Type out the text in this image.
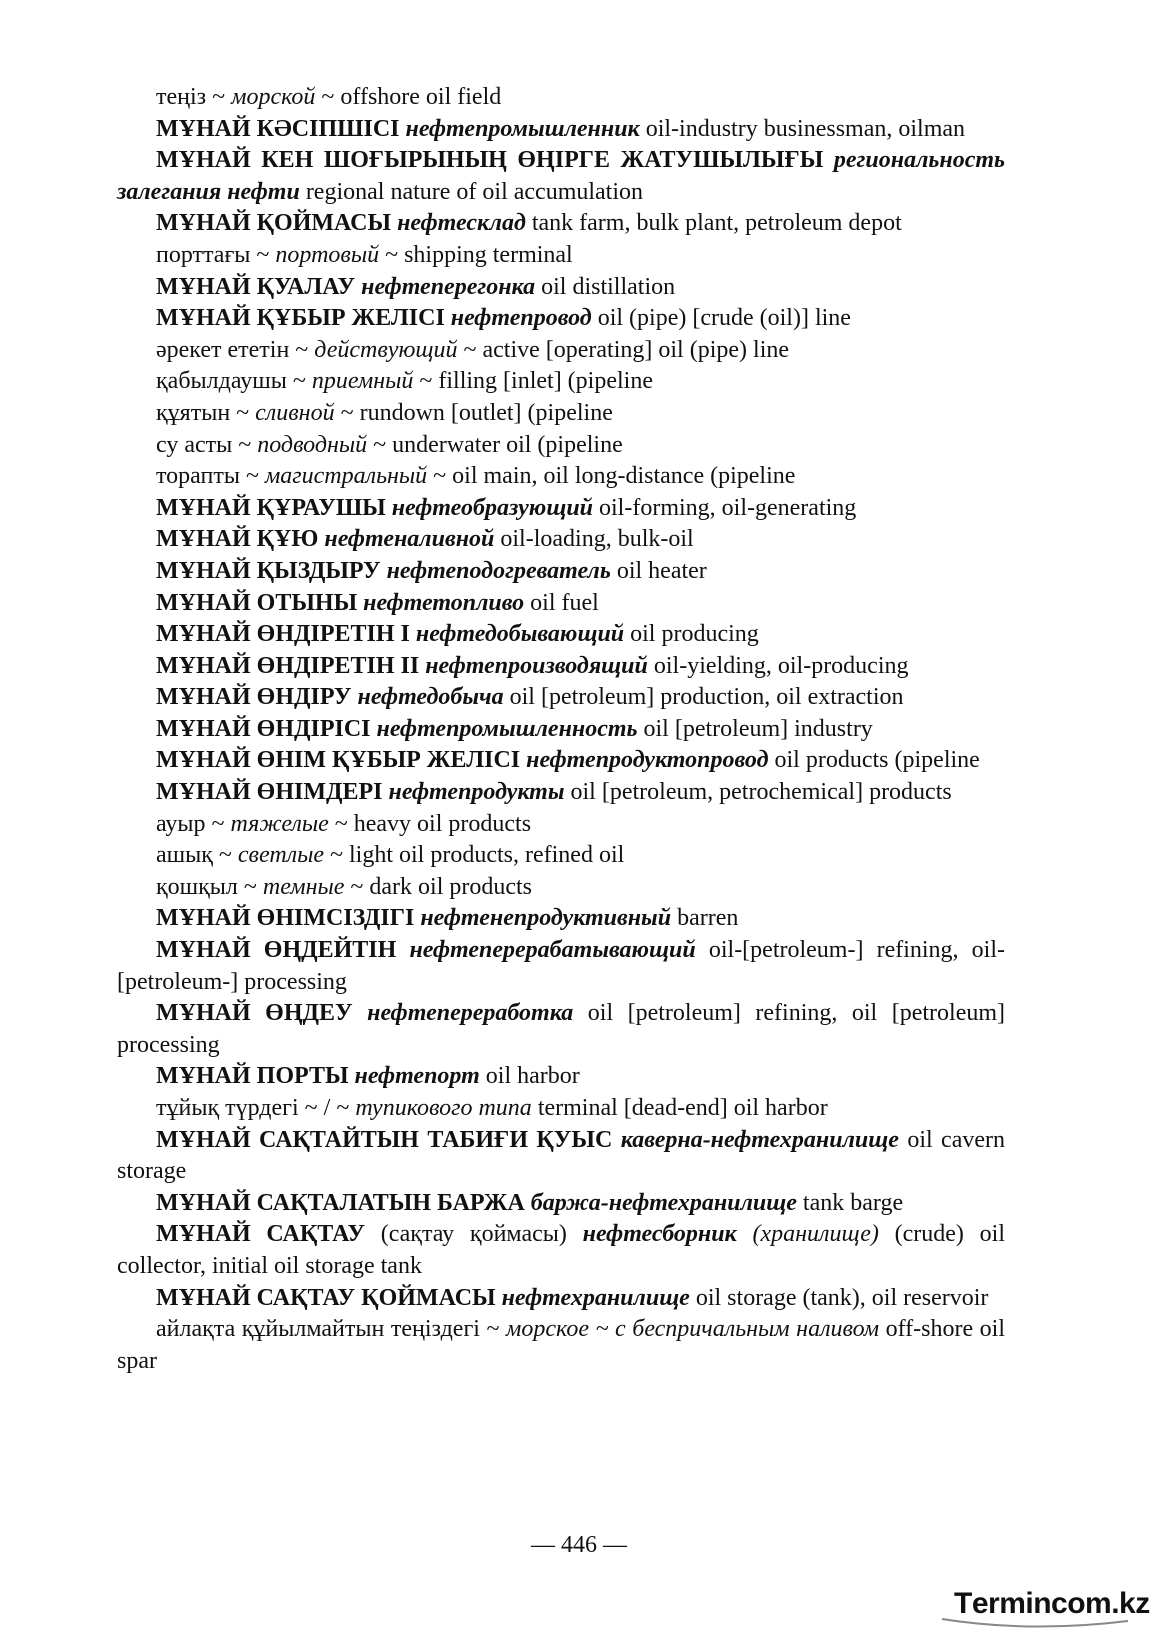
теңіз ~ морской ~ offshore oil field

МҰНАЙ КӘСІПШІСІ нефтепромышленник oil-industry businessman, oilman

МҰНАЙ КЕН ШОҒЫРЫНЫҢ ӨҢІРГЕ ЖАТУШЫЛЫҒЫ региональность залегания нефти regional nature of oil accumulation

МҰНАЙ ҚОЙМАСЫ нефтесклад tank farm, bulk plant, petroleum depot

порттағы ~ портовый ~ shipping terminal

МҰНАЙ ҚУАЛАУ нефтеперегонка oil distillation

МҰНАЙ ҚҰБЫР ЖЕЛІСІ нефтепровод oil (pipe) [crude (oil)] line

әрекет ететін ~ действующий ~ active [operating] oil (pipe) line

қабылдаушы ~ приемный ~ filling [inlet] (pipeline

құятын ~ сливной ~ rundown [outlet] (pipeline

су асты ~ подводный ~ underwater oil (pipeline

торапты ~ магистральный ~ oil main, oil long-distance (pipeline

МҰНАЙ ҚҰРАУШЫ нефтеобразующий oil-forming, oil-generating

МҰНАЙ ҚҰЮ нефтеналивной oil-loading, bulk-oil

МҰНАЙ ҚЫЗДЫРУ нефтеподогреватель oil heater

МҰНАЙ ОТЫНЫ нефтетопливо oil fuel

МҰНАЙ ӨНДІРЕТІН I нефтедобывающий oil producing

МҰНАЙ ӨНДІРЕТІН II нефтепроизводящий oil-yielding, oil-producing

МҰНАЙ ӨНДІРУ нефтедобыча oil [petroleum] production, oil extraction

МҰНАЙ ӨНДІРІСІ нефтепромышленность oil [petroleum] industry

МҰНАЙ ӨНІМ ҚҰБЫР ЖЕЛІСІ нефтепродуктопровод oil products (pipeline

МҰНАЙ ӨНІМДЕРІ нефтепродукты oil [petroleum, petrochemical] products

ауыр ~ тяжелые ~ heavy oil products

ашық ~ светлые ~ light oil products, refined oil

қошқыл ~ темные ~ dark oil products

МҰНАЙ ӨНІМСІЗДІГІ нефтенепродуктивный barren

МҰНАЙ ӨҢДЕЙТІН нефтеперерабатывающий oil-[petroleum-] refining, oil-[petroleum-] processing

МҰНАЙ ӨҢДЕУ нефтепереработка oil [petroleum] refining, oil [petroleum] processing

МҰНАЙ ПОРТЫ нефтепорт oil harbor

тұйық түрдегі ~ / ~ тупикового типа terminal [dead-end] oil harbor

МҰНАЙ САҚТАЙТЫН ТАБИҒИ ҚУЫС каверна-нефтехранилище oil cavern storage

МҰНАЙ САҚТАЛАТЫН БАРЖА баржа-нефтехранилище tank barge

МҰНАЙ САҚТАУ (сақтау қоймасы) нефтесборник (хранилище) (crude) oil collector, initial oil storage tank

МҰНАЙ САҚТАУ ҚОЙМАСЫ нефтехранилище oil storage (tank), oil reservoir

айлақта құйылмайтын теңіздегі ~ морское ~ с беспричальным наливом off-shore oil spar

— 446 —
Termincom.kz
